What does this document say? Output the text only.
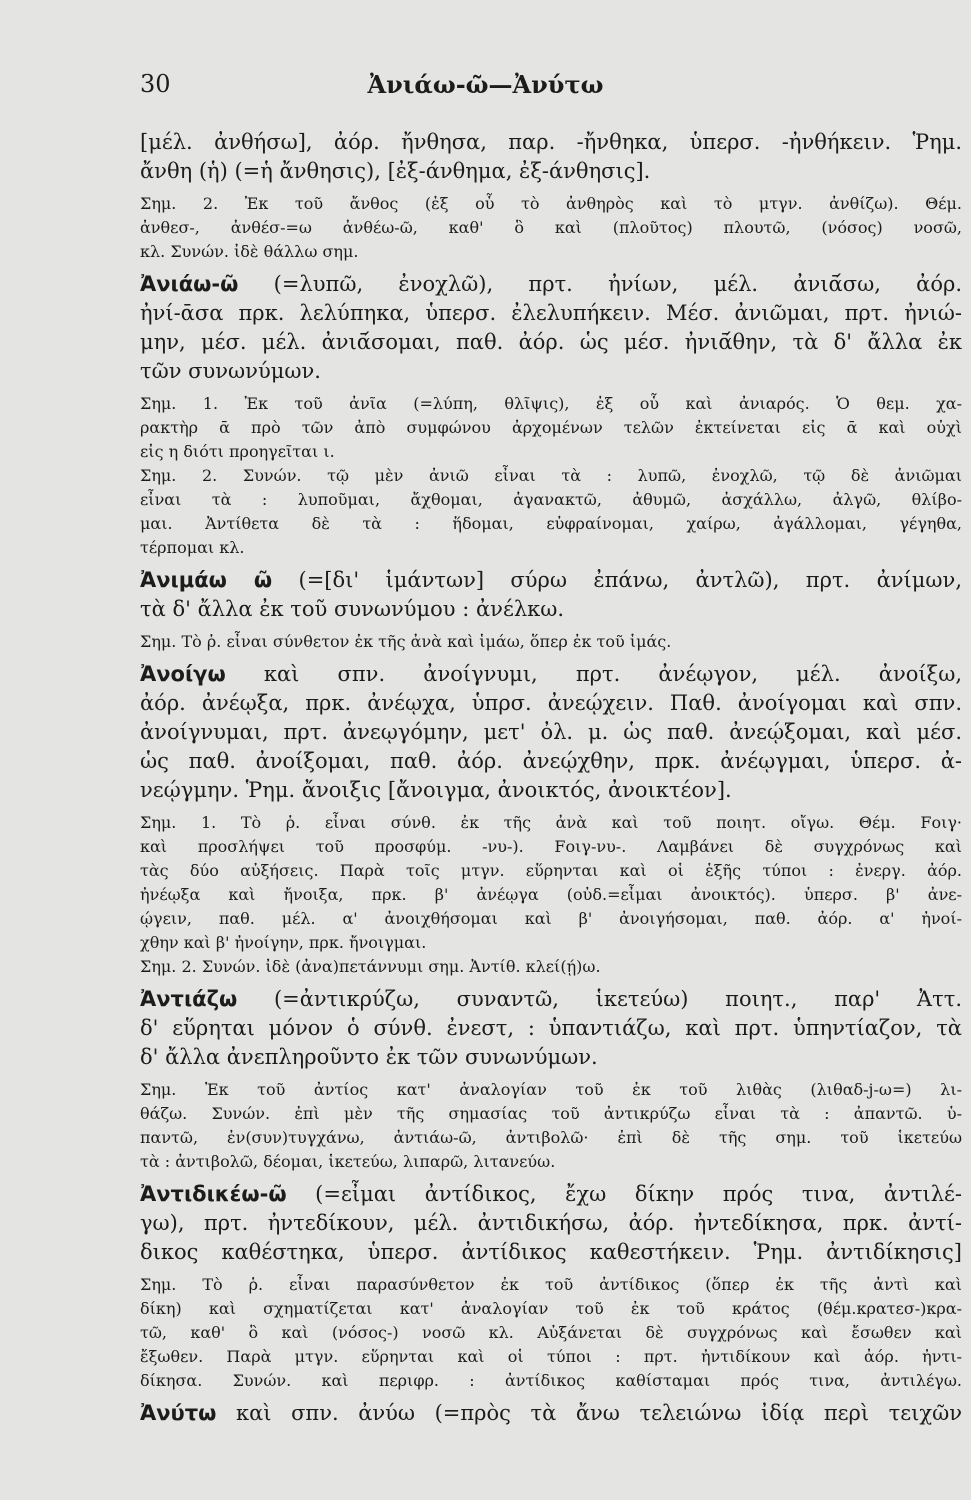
30	Ἀνιάω-ῶ—Ἀνύτω
[μέλ. ἀνθήσω], ἀόρ. ἤνθησα, παρ. -ἤνθηκα, ὑπερσ. -ἠνθήκειν. Ῥημ.
ἄνθη (ἡ) (=ἡ ἄνθησις), [ἐξ-άνθημα, ἐξ-άνθησις].
Σημ. 2. Ἐκ τοῦ ἄνθος (ἐξ οὗ τὸ ἀνθηρὸς καὶ τὸ μτγν. ἀνθίζω). Θέμ.
ἀνθεσ-, ἀνθέσ-=ω ἀνθέω-ῶ, καθ' ὃ καὶ (πλοῦτος) πλουτῶ, (νόσος) νοσῶ,
κλ. Συνών. ἰδὲ θάλλω σημ.
Ἀνιάω-ῶ (=λυπῶ, ἐνοχλῶ), πρτ. ἠνίων, μέλ. ἀνιᾱ́σω, ἀόρ.
ἠνί-ᾱσα πρκ. λελύπηκα, ὑπερσ. ἐλελυπήκειν. Μέσ. ἀνιῶμαι, πρτ. ἠνιώ-
μην, μέσ. μέλ. ἀνιᾱ́σομαι, παθ. ἀόρ. ὡς μέσ. ἠνιᾱ́θην, τὰ δ' ἄλλα ἐκ
τῶν συνωνύμων.
Σημ. 1. Ἐκ τοῦ ἀνῖα (=λύπη, θλῖψις), ἐξ οὗ καὶ ἀνιαρός. Ὁ θεμ. χα-
ρακτὴρ ᾱ πρὸ τῶν ἀπὸ συμφώνου ἀρχομένων τελῶν ἐκτείνεται εἰς ᾱ καὶ οὐχὶ
εἰς η διότι προηγεῖται ι.
Σημ. 2. Συνών. τῷ μὲν ἀνιῶ εἶναι τὰ : λυπῶ, ἐνοχλῶ, τῷ δὲ ἀνιῶμαι
εἶναι τὰ : λυποῦμαι, ἄχθομαι, ἀγανακτῶ, ἀθυμῶ, ἀσχάλλω, ἀλγῶ, θλίβο-
μαι. Ἀντίθετα δὲ τὰ : ἥδομαι, εὐφραίνομαι, χαίρω, ἀγάλλομαι, γέγηθα,
τέρπομαι κλ.
Ἀνιμάω ῶ (=[δι' ἱμάντων] σύρω ἐπάνω, ἀντλῶ), πρτ. ἀνίμων,
τὰ δ' ἄλλα ἐκ τοῦ συνωνύμου : ἀνέλκω.
Σημ. Τὸ ῥ. εἶναι σύνθετον ἐκ τῆς ἀνὰ καὶ ἱμάω, ὅπερ ἐκ τοῦ ἱμάς.
Ἀνοίγω καὶ σπν. ἀνοίγνυμι, πρτ. ἀνέῳγον, μέλ. ἀνοίξω,
ἀόρ. ἀνέῳξα, πρκ. ἀνέῳχα, ὑπρσ. ἀνεῴχειν. Παθ. ἀνοίγομαι καὶ σπν.
ἀνοίγνυμαι, πρτ. ἀνεῳγόμην, μετ' ὀλ. μ. ὡς παθ. ἀνεῴξομαι, καὶ μέσ.
ὡς παθ. ἀνοίξομαι, παθ. ἀόρ. ἀνεῴχθην, πρκ. ἀνέῳγμαι, ὑπερσ. ἀ-
νεῴγμην. Ῥημ. ἄνοιξις [ἄνοιγμα, ἀνοικτός, ἀνοικτέον].
Σημ. 1. Τὸ ῥ. εἶναι σύνθ. ἐκ τῆς ἀνὰ καὶ τοῦ ποιητ. οἴγω. Θέμ. Fοιγ·
καὶ προσλήψει τοῦ προσφύμ. -νυ-). Fοιγ-νυ-. Λαμβάνει δὲ συγχρόνως καὶ
τὰς δύο αὐξήσεις. Παρὰ τοῖς μτγν. εὕρηνται καὶ οἱ ἑξῆς τύποι : ἐνεργ. ἀόρ.
ἠνέῳξα καὶ ἤνοιξα, πρκ. β' ἀνέῳγα (οὐδ.=εἶμαι ἀνοικτός). ὑπερσ. β' ἀνε-
ῴγειν, παθ. μέλ. α' ἀνοιχθήσομαι καὶ β' ἀνοιγήσομαι, παθ. ἀόρ. α' ἠνοί-
χθην καὶ β' ἠνοίγην, πρκ. ἤνοιγμαι.
Σημ. 2. Συνών. ἰδὲ (ἀνα)πετάννυμι σημ. Ἀντίθ. κλεί(ῄ)ω.
Ἀντιάζω (=ἀντικρύζω, συναντῶ, ἱκετεύω) ποιητ., παρ' Ἀττ.
δ' εὕρηται μόνον ὁ σύνθ. ἐνεστ, : ὑπαντιάζω, καὶ πρτ. ὑπηντίαζον, τὰ
δ' ἄλλα ἀνεπληροῦντο ἐκ τῶν συνωνύμων.
Σημ. Ἐκ τοῦ ἀντίος κατ' ἀναλογίαν τοῦ ἐκ τοῦ λιθὰς (λιθαδ-j-ω=) λι-
θάζω. Συνών. ἐπὶ μὲν τῆς σημασίας τοῦ ἀντικρύζω εἶναι τὰ : ἀπαντῶ. ὑ-
παντῶ, ἐν(συν)τυγχάνω, ἀντιάω-ῶ, ἀντιβολῶ· ἐπὶ δὲ τῆς σημ. τοῦ ἱκετεύω
τὰ : ἀντιβολῶ, δέομαι, ἱκετεύω, λιπαρῶ, λιτανεύω.
Ἀντιδικέω-ῶ (=εἶμαι ἀντίδικος, ἔχω δίκην πρός τινα, ἀντιλέ-
γω), πρτ. ἠντεδίκουν, μέλ. ἀντιδικήσω, ἀόρ. ἠντεδίκησα, πρκ. ἀντί-
δικος καθέστηκα, ὑπερσ. ἀντίδικος καθεστήκειν. Ῥημ. ἀντιδίκησις]
Σημ. Τὸ ῥ. εἶναι παρασύνθετον ἐκ τοῦ ἀντίδικος (ὅπερ ἐκ τῆς ἀντὶ καὶ
δίκη) καὶ σχηματίζεται κατ' ἀναλογίαν τοῦ ἐκ τοῦ κράτος (θέμ.κρατεσ-)κρα-
τῶ, καθ' ὃ καὶ (νόσος-) νοσῶ κλ. Αὐξάνεται δὲ συγχρόνως καὶ ἔσωθεν καὶ
ἔξωθεν. Παρὰ μτγν. εὕρηνται καὶ οἱ τύποι : πρτ. ἠντιδίκουν καὶ ἀόρ. ἠντι-
δίκησα. Συνών. καὶ περιφρ. : ἀντίδικος καθίσταμαι πρός τινα, ἀντιλέγω.
Ἀνύτω καὶ σπν. ἀνύω (=πρὸς τὰ ἄνω τελειώνω ἰδίᾳ περὶ τειχῶν
